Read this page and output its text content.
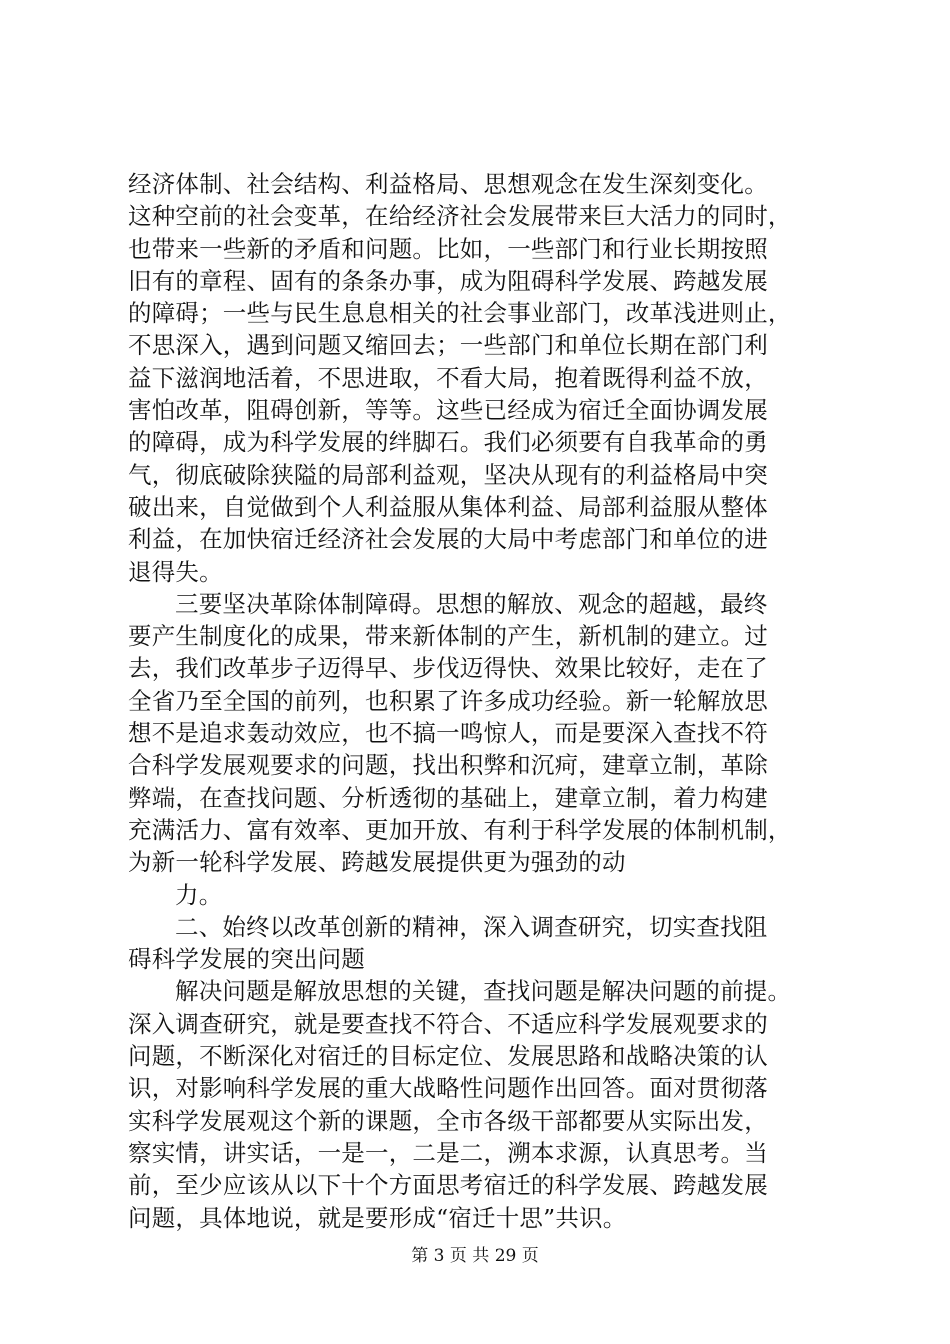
经济体制、社会结构、利益格局、思想观念在发生深刻变化。
这种空前的社会变革，在给经济社会发展带来巨大活力的同时，
也带来一些新的矛盾和问题。比如，一些部门和行业长期按照
旧有的章程、固有的条条办事，成为阻碍科学发展、跨越发展
的障碍；一些与民生息息相关的社会事业部门，改革浅进则止，
不思深入，遇到问题又缩回去；一些部门和单位长期在部门利
益下滋润地活着，不思进取，不看大局，抱着既得利益不放，
害怕改革，阻碍创新，等等。这些已经成为宿迁全面协调发展
的障碍，成为科学发展的绊脚石。我们必须要有自我革命的勇
气，彻底破除狭隘的局部利益观，坚决从现有的利益格局中突
破出来，自觉做到个人利益服从集体利益、局部利益服从整体
利益，在加快宿迁经济社会发展的大局中考虑部门和单位的进
退得失。
三要坚决革除体制障碍。思想的解放、观念的超越，最终
要产生制度化的成果，带来新体制的产生，新机制的建立。过
去，我们改革步子迈得早、步伐迈得快、效果比较好，走在了
全省乃至全国的前列，也积累了许多成功经验。新一轮解放思
想不是追求轰动效应，也不搞一鸣惊人，而是要深入查找不符
合科学发展观要求的问题，找出积弊和沉疴，建章立制，革除
弊端，在查找问题、分析透彻的基础上，建章立制，着力构建
充满活力、富有效率、更加开放、有利于科学发展的体制机制，
为新一轮科学发展、跨越发展提供更为强劲的动
力。
二、始终以改革创新的精神，深入调查研究，切实查找阻
碍科学发展的突出问题
解决问题是解放思想的关键，查找问题是解决问题的前提。
深入调查研究，就是要查找不符合、不适应科学发展观要求的
问题，不断深化对宿迁的目标定位、发展思路和战略决策的认
识，对影响科学发展的重大战略性问题作出回答。面对贯彻落
实科学发展观这个新的课题，全市各级干部都要从实际出发，
察实情，讲实话，一是一，二是二，溯本求源，认真思考。当
前，至少应该从以下十个方面思考宿迁的科学发展、跨越发展
问题，具体地说，就是要形成“宿迁十思”共识。
第 3 页 共 29 页
